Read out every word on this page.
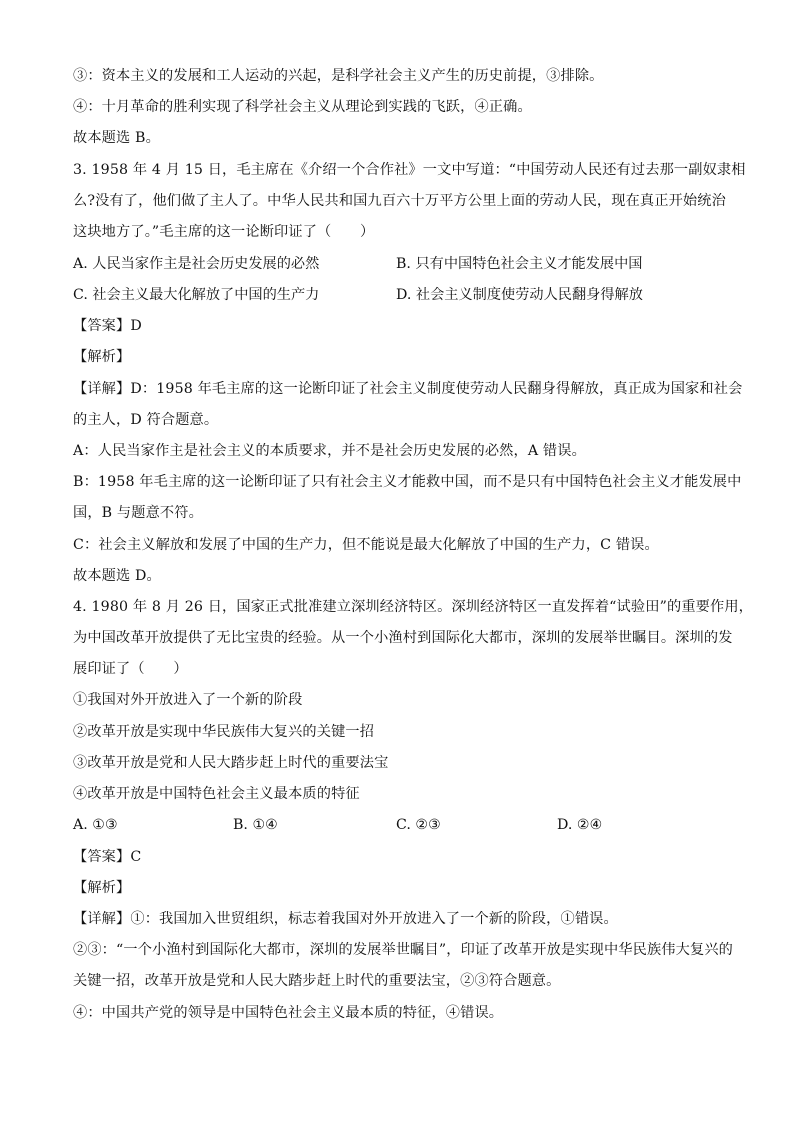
③：资本主义的发展和工人运动的兴起，是科学社会主义产生的历史前提，③排除。
④：十月革命的胜利实现了科学社会主义从理论到实践的飞跃，④正确。
故本题选 B。
3. 1958 年 4 月 15 日，毛主席在《介绍一个合作社》一文中写道：“中国劳动人民还有过去那一副奴隶相
么?没有了，他们做了主人了。中华人民共和国九百六十万平方公里上面的劳动人民，现在真正开始统治
这块地方了。”毛主席的这一论断印证了（　　）
A. 人民当家作主是社会历史发展的必然	B. 只有中国特色社会主义才能发展中国
C. 社会主义最大化解放了中国的生产力	D. 社会主义制度使劳动人民翻身得解放
【答案】D
【解析】
【详解】D：1958 年毛主席的这一论断印证了社会主义制度使劳动人民翻身得解放，真正成为国家和社会
的主人，D 符合题意。
A：人民当家作主是社会主义的本质要求，并不是社会历史发展的必然，A 错误。
B：1958 年毛主席的这一论断印证了只有社会主义才能救中国，而不是只有中国特色社会主义才能发展中
国，B 与题意不符。
C：社会主义解放和发展了中国的生产力，但不能说是最大化解放了中国的生产力，C 错误。
故本题选 D。
4. 1980 年 8 月 26 日，国家正式批准建立深圳经济特区。深圳经济特区一直发挥着“试验田”的重要作用，
为中国改革开放提供了无比宝贵的经验。从一个小渔村到国际化大都市，深圳的发展举世瞩目。深圳的发
展印证了（　　）
①我国对外开放进入了一个新的阶段
②改革开放是实现中华民族伟大复兴的关键一招
③改革开放是党和人民大踏步赶上时代的重要法宝
④改革开放是中国特色社会主义最本质的特征
A. ①③	B. ①④	C. ②③	D. ②④
【答案】C
【解析】
【详解】①：我国加入世贸组织，标志着我国对外开放进入了一个新的阶段，①错误。
②③：“一个小渔村到国际化大都市，深圳的发展举世瞩目”，印证了改革开放是实现中华民族伟大复兴的
关键一招，改革开放是党和人民大踏步赶上时代的重要法宝，②③符合题意。
④：中国共产党的领导是中国特色社会主义最本质的特征，④错误。
